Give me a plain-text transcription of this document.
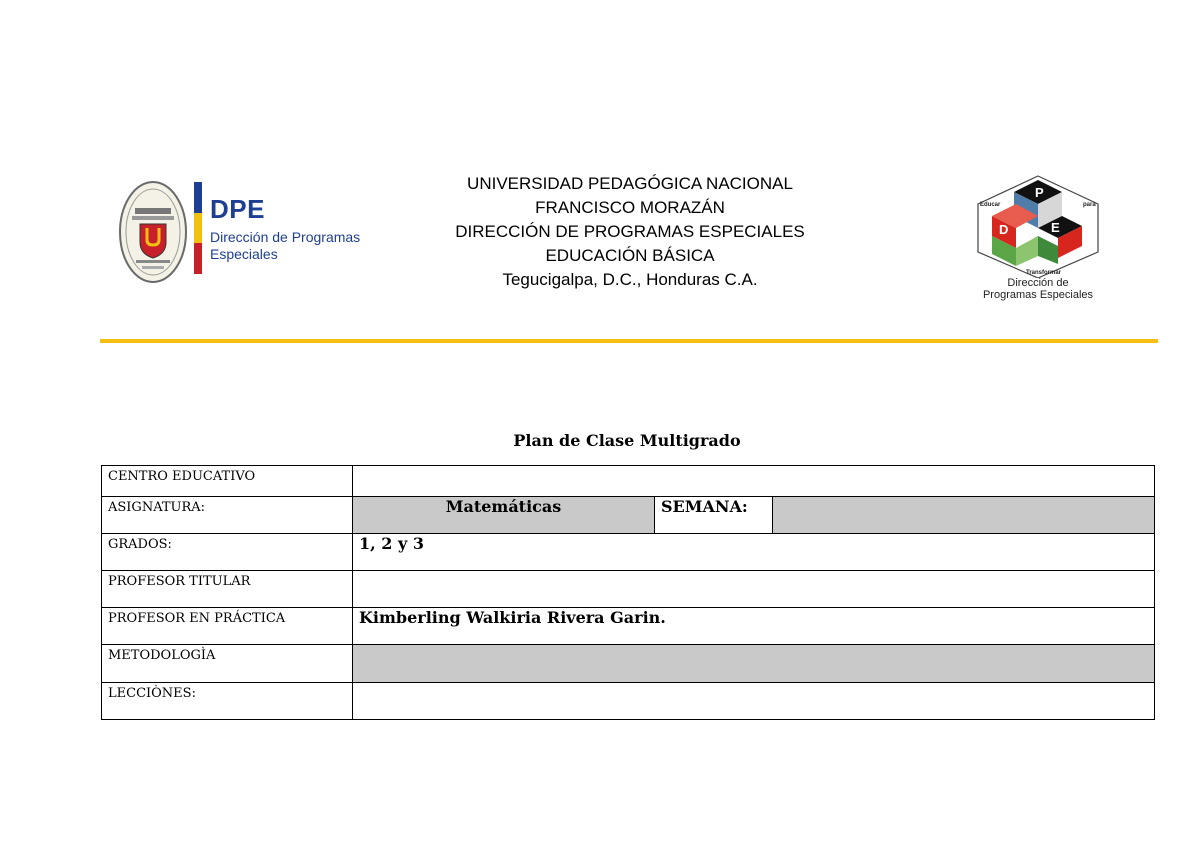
DPE
Dirección de Programas
Especiales
UNIVERSIDAD PEDAGÓGICA NACIONAL
FRANCISCO MORAZÁN
DIRECCIÓN DE PROGRAMAS ESPECIALES
EDUCACIÓN BÁSICA
Tegucigalpa, D.C., Honduras C.A.
P
D	E
Educar	para
Transformar
Dirección de
Programas Especiales
Plan de Clase Multigrado
CENTRO EDUCATIVO			
ASIGNATURA:	Matemáticas	SEMANA:	
GRADOS:	1, 2 y 3		
PROFESOR TITULAR			
PROFESOR EN PRÁCTICA	Kimberling Walkiria Rivera Garin.		
METODOLOGÌA			
LECCIÒNES:			
